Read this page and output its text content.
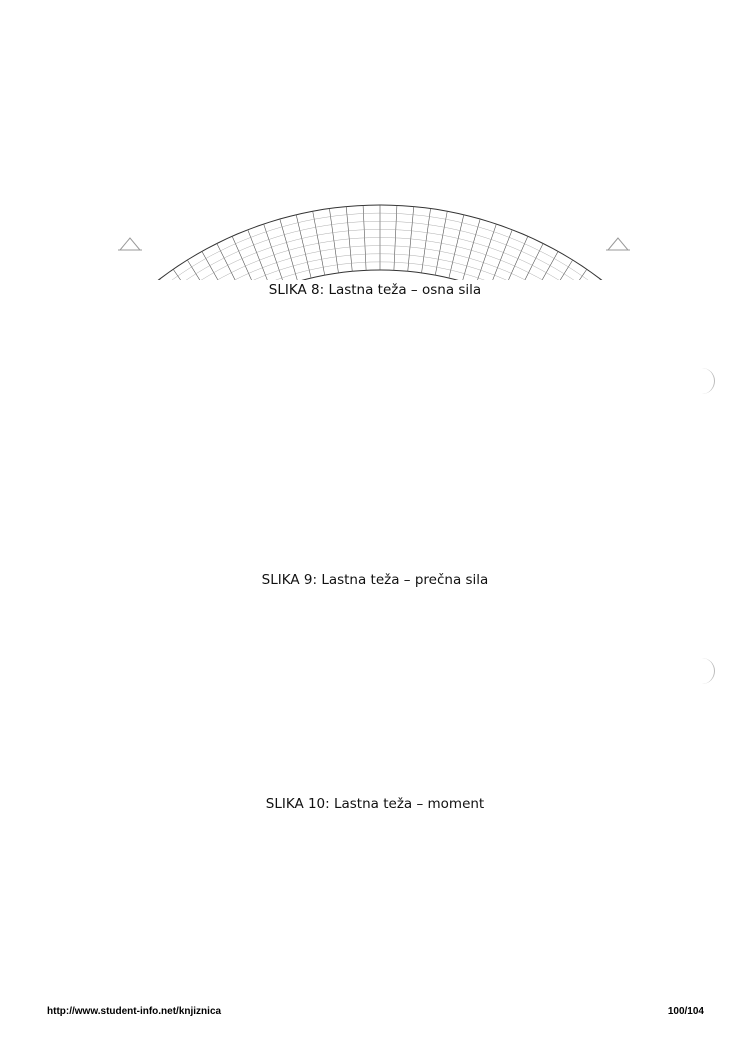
SLIKA 8: Lastna teža – osna sila
SLIKA 9: Lastna teža – prečna sila
SLIKA 10: Lastna teža – moment
http://www.student-info.net/knjiznica	100/104
